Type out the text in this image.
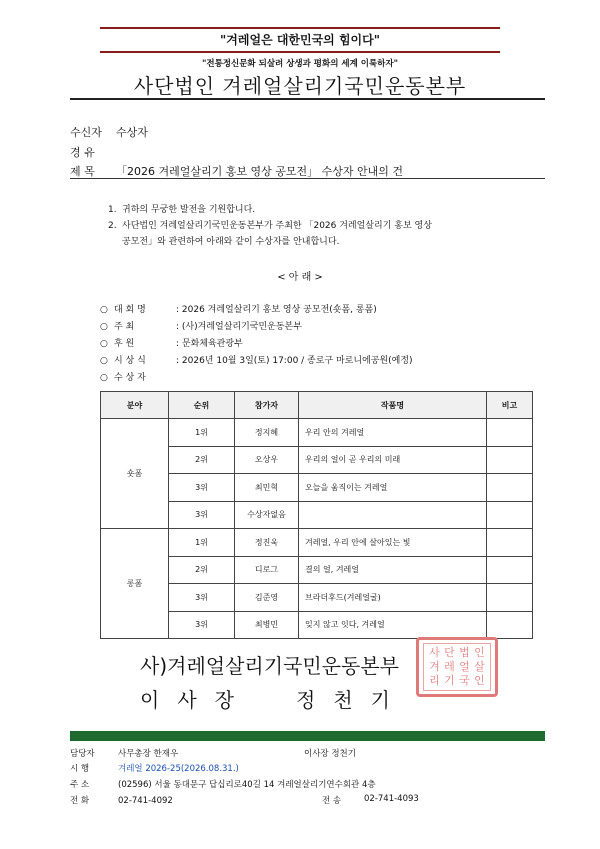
"겨레얼은 대한민국의 힘이다"
"전통정신문화 되살려 상생과 평화의 세계 이룩하자"
사단법인 겨레얼살리기국민운동본부
수신자 수상자
경 유
제 목 「2026 겨레얼살리기 홍보 영상 공모전」 수상자 안내의 건
1. 귀하의 무궁한 발전을 기원합니다.
2. 사단법인 겨레얼살리기국민운동본부가 주최한 「2026 겨레얼살리기 홍보 영상
공모전」와 관련하여 아래와 같이 수상자를 안내합니다.
< 아 래 >
○ 대 회 명	: 2026 겨레얼살리기 홍보 영상 공모전(숏폼, 롱폼)
○ 주 최	: (사)겨레얼살리기국민운동본부
○ 후 원	: 문화체육관광부
○ 시 상 식	: 2026년 10월 3일(토) 17:00 / 종로구 마로니에공원(예정)
○ 수 상 자
분야	순위	참가자	작품명	비고
숏폼	1위	정지혜	우리 안의 겨레얼	
	2위	오상우	우리의 얼이 곧 우리의 미래	
	3위	최민혁	오늘을 움직이는 겨레얼	
	3위	수상자없음		
롱폼	1위	정진욱	겨레얼, 우리 안에 살아있는 빛	
	2위	디로그	결의 얼, 겨레얼	
	3위	김준영	브라더후드(겨레얼굴)	
	3위	최병민	잊지 않고 잇다, 겨레얼	
사)겨레얼살리기국민운동본부
이사장 정천기
사 단 법 인
겨 레 얼 살
리 기 국 인
담당자	사무총장 한재우	이사장 정천기
시 행	겨레얼 2026-25(2026.08.31.)
주 소	(02596) 서울 동대문구 답십리로40길 14 겨레얼살리기연수회관 4층
전 화	02-741-4092	전 송	02-741-4093
